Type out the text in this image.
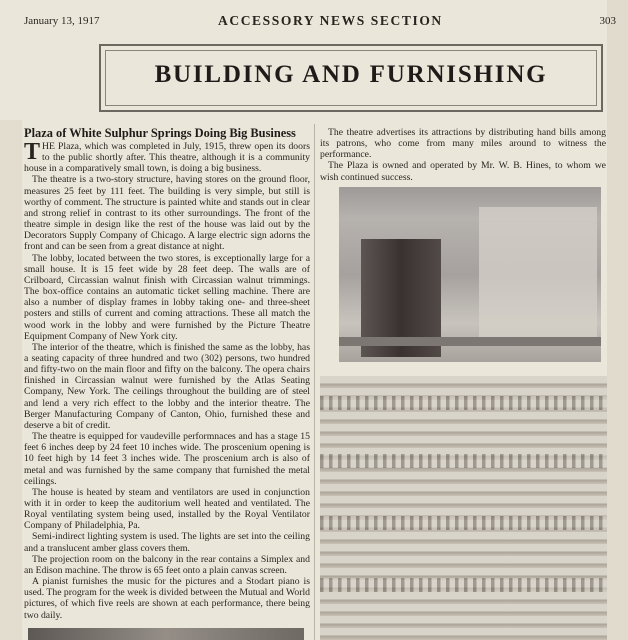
January 13, 1917	ACCESSORY NEWS SECTION	303
BUILDING AND FURNISHING
Plaza of White Sulphur Springs Doing Big Business

THE Plaza, which was completed in July, 1915, threw open its doors to the public shortly after. This theatre, although it is a community house in a comparatively small town, is doing a big business.

The theatre is a two-story structure, having stores on the ground floor, measures 25 feet by 111 feet. The building is very simple, but still is worthy of comment. The structure is painted white and stands out in clear and strong relief in contrast to its other surroundings. The front of the theatre simple in design like the rest of the house was laid out by the Decorators Supply Company of Chicago. A large electric sign adorns the front and can be seen from a great distance at night.

The lobby, located between the two stores, is exceptionally large for a small house. It is 15 feet wide by 28 feet deep. The walls are of Crilboard, Circassian walnut finish with Circassian walnut trimmings. The box-office contains an automatic ticket selling machine. There are also a number of display frames in lobby taking one- and three-sheet posters and stills of current and coming attractions. These all match the wood work in the lobby and were furnished by the Picture Theatre Equipment Company of New York city.

The interior of the theatre, which is finished the same as the lobby, has a seating capacity of three hundred and two (302) persons, two hundred and fifty-two on the main floor and fifty on the balcony. The opera chairs finished in Circassian walnut were furnished by the Atlas Seating Company, New York. The ceilings throughout the building are of steel and lend a very rich effect to the lobby and the interior theatre. The Berger Manufacturing Company of Canton, Ohio, furnished these and deserve a bit of credit.

The theatre is equipped for vaudeville performnaces and has a stage 15 feet 6 inches deep by 24 feet 10 inches wide. The proscenium opening is 10 feet high by 14 feet 3 inches wide. The proscenium arch is also of metal and was furnished by the same company that furnished the metal ceilings.

The house is heated by steam and ventilators are used in conjunction with it in order to keep the auditorium well heated and ventilated. The Royal ventilating system being used, installed by the Royal Ventilator Company of Philadelphia, Pa.

Semi-indirect lighting system is used. The lights are set into the ceiling and a translucent amber glass covers them.

The projection room on the balcony in the rear contains a Simplex and an Edison machine. The throw is 65 feet onto a plain canvas screen.

A pianist furnishes the music for the pictures and a Stodart piano is used. The program for the week is divided between the Mutual and World pictures, of which five reels are shown at each performance, there being two daily.

The theatre advertises its attractions by distributing hand bills among its patrons, who come from many miles around to witness the performance.

The Plaza is owned and operated by Mr. W. B. Hines, to whom we wish continued success.
